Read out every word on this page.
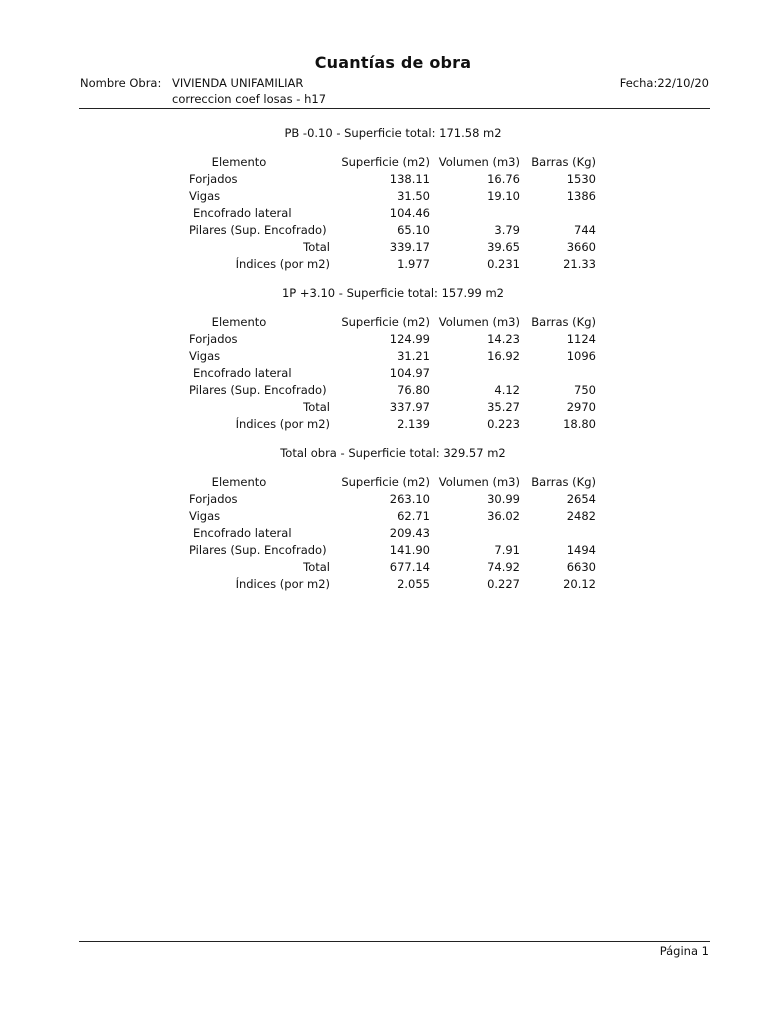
Cuantías de obra
Nombre Obra: VIVIENDA UNIFAMILIAR	Fecha:22/10/20
correccion coef losas - h17
PB -0.10 - Superficie total: 171.58 m2
Elemento	Superficie (m2) Volumen (m3) Barras (Kg)
Forjados	138.11	16.76	1530
Vigas	31.50	19.10	1386
Encofrado lateral	104.46
Pilares (Sup. Encofrado)	65.10	3.79	744
Total	339.17	39.65	3660
Índices (por m2)	1.977	0.231	21.33
1P +3.10 - Superficie total: 157.99 m2
Elemento	Superficie (m2) Volumen (m3) Barras (Kg)
Forjados	124.99	14.23	1124
Vigas	31.21	16.92	1096
Encofrado lateral	104.97
Pilares (Sup. Encofrado)	76.80	4.12	750
Total	337.97	35.27	2970
Índices (por m2)	2.139	0.223	18.80
Total obra - Superficie total: 329.57 m2
Elemento	Superficie (m2) Volumen (m3) Barras (Kg)
Forjados	263.10	30.99	2654
Vigas	62.71	36.02	2482
Encofrado lateral	209.43
Pilares (Sup. Encofrado)	141.90	7.91	1494
Total	677.14	74.92	6630
Índices (por m2)	2.055	0.227	20.12
Página 1
